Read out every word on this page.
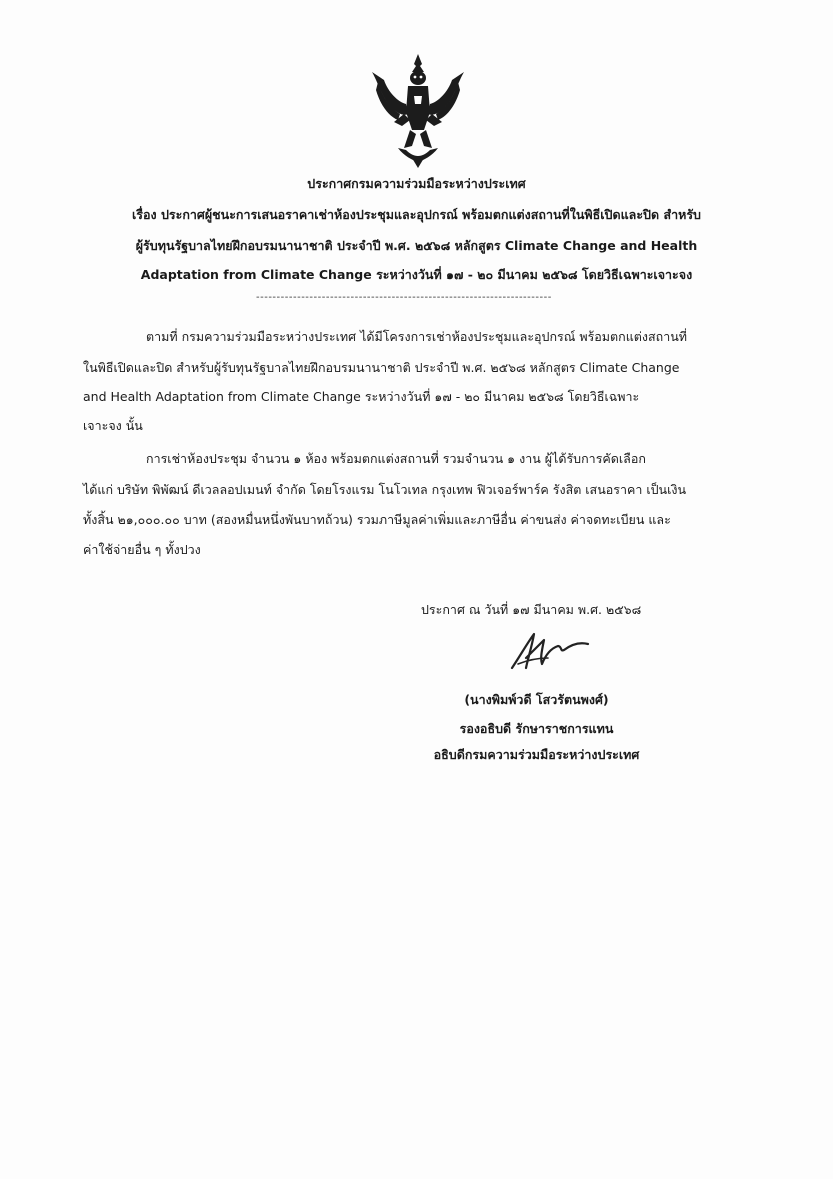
ประกาศกรมความร่วมมือระหว่างประเทศ
เรื่อง ประกาศผู้ชนะการเสนอราคาเช่าห้องประชุมและอุปกรณ์ พร้อมตกแต่งสถานที่ในพิธีเปิดและปิด สำหรับ
ผู้รับทุนรัฐบาลไทยฝึกอบรมนานาชาติ ประจำปี พ.ศ. ๒๕๖๘ หลักสูตร Climate Change and Health
Adaptation from Climate Change ระหว่างวันที่ ๑๗ - ๒๐ มีนาคม ๒๕๖๘ โดยวิธีเฉพาะเจาะจง
------------------------------------------------------------------------
ตามที่ กรมความร่วมมือระหว่างประเทศ ได้มีโครงการเช่าห้องประชุมและอุปกรณ์ พร้อมตกแต่งสถานที่
ในพิธีเปิดและปิด สำหรับผู้รับทุนรัฐบาลไทยฝึกอบรมนานาชาติ ประจำปี พ.ศ. ๒๕๖๘ หลักสูตร Climate Change
and Health Adaptation from Climate Change ระหว่างวันที่ ๑๗ - ๒๐ มีนาคม ๒๕๖๘ โดยวิธีเฉพาะ
เจาะจง นั้น
การเช่าห้องประชุม จำนวน ๑ ห้อง พร้อมตกแต่งสถานที่ รวมจำนวน ๑ งาน ผู้ได้รับการคัดเลือก
ได้แก่ บริษัท พิพัฒน์ ดีเวลลอปเมนท์ จำกัด โดยโรงแรม โนโวเทล กรุงเทพ ฟิวเจอร์พาร์ค รังสิต เสนอราคา เป็นเงิน
ทั้งสิ้น ๒๑,๐๐๐.๐๐ บาท (สองหมื่นหนึ่งพันบาทถ้วน) รวมภาษีมูลค่าเพิ่มและภาษีอื่น ค่าขนส่ง ค่าจดทะเบียน และ
ค่าใช้จ่ายอื่น ๆ ทั้งปวง
ประกาศ ณ วันที่ ๑๗ มีนาคม พ.ศ. ๒๕๖๘
(นางพิมพ์วดี โสวรัตนพงศ์)
รองอธิบดี รักษาราชการแทน
อธิบดีกรมความร่วมมือระหว่างประเทศ
